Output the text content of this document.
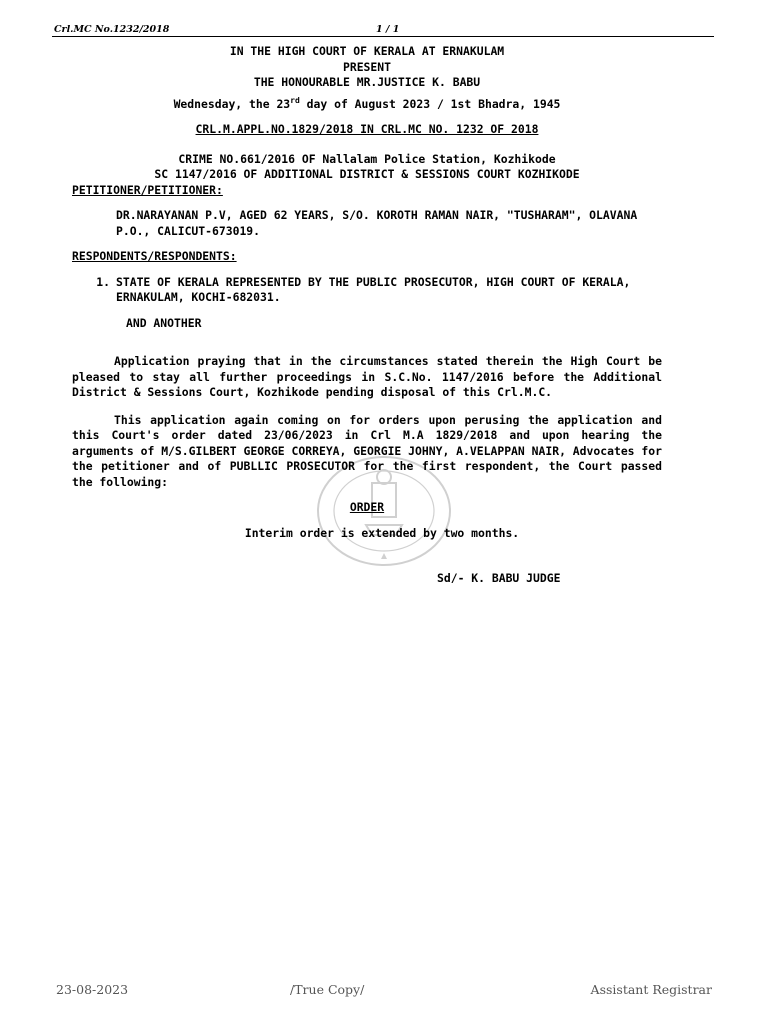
Crl.MC No.1232/2018	1 / 1
IN THE HIGH COURT OF KERALA AT ERNAKULAM
PRESENT
THE HONOURABLE MR.JUSTICE K. BABU
Wednesday, the 23rd day of August 2023 / 1st Bhadra, 1945
CRL.M.APPL.NO.1829/2018 IN CRL.MC NO. 1232 OF 2018
CRIME NO.661/2016 OF Nallalam Police Station, Kozhikode
SC 1147/2016 OF ADDITIONAL DISTRICT & SESSIONS COURT KOZHIKODE
PETITIONER/PETITIONER:
DR.NARAYANAN P.V, AGED 62 YEARS, S/O. KOROTH RAMAN NAIR, "TUSHARAM", OLAVANA P.O., CALICUT-673019.
RESPONDENTS/RESPONDENTS:
1. STATE OF KERALA REPRESENTED BY THE PUBLIC PROSECUTOR, HIGH COURT OF KERALA, ERNAKULAM, KOCHI-682031.
AND ANOTHER
Application praying that in the circumstances stated therein the High Court be pleased to stay all further proceedings in S.C.No. 1147/2016 before the Additional District & Sessions Court, Kozhikode pending disposal of this Crl.M.C.
This application again coming on for orders upon perusing the application and this Court's order dated 23/06/2023 in Crl M.A 1829/2018 and upon hearing the arguments of M/S.GILBERT GEORGE CORREYA, GEORGIE JOHNY, A.VELAPPAN NAIR, Advocates for the petitioner and of PUBLLIC PROSECUTOR for the first respondent, the Court passed the following:
ORDER
Interim order is extended by two months.
Sd/- K. BABU JUDGE
23-08-2023	/True Copy/	Assistant Registrar
